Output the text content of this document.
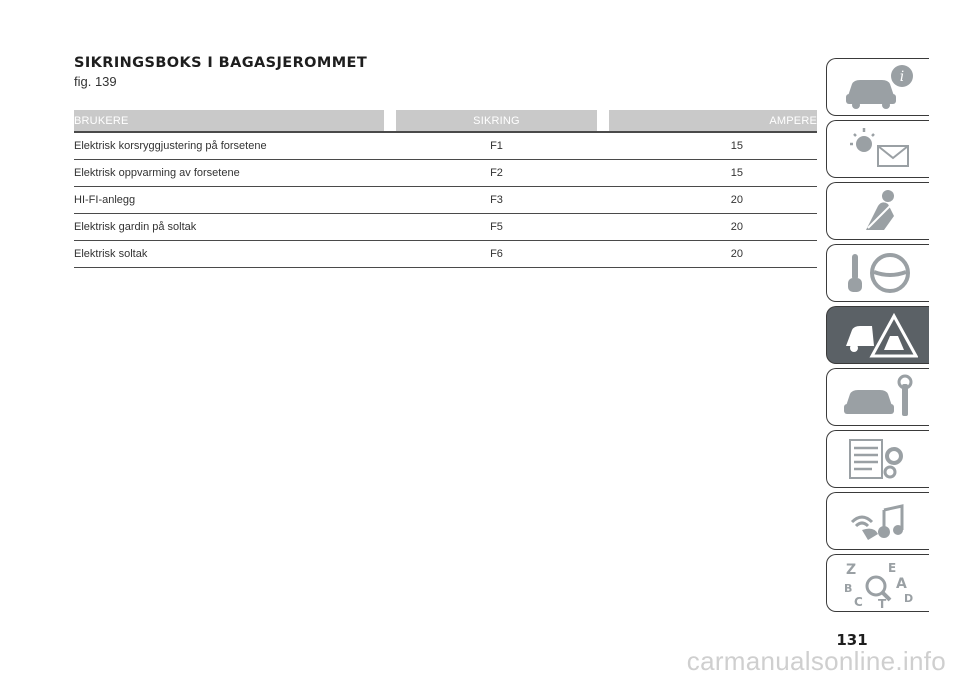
SIKRINGSBOKS I BAGASJEROMMET
fig. 139
BRUKERE		SIKRING		AMPERE
Elektrisk korsryggjustering på forsetene		F1		15
Elektrisk oppvarming av forsetene		F2		15
HI-FI-anlegg		F3		20
Elektrisk gardin på soltak		F5		20
Elektrisk soltak		F6		20
i
Z	E
A
B
C T D
131
carmanualsonline.info
